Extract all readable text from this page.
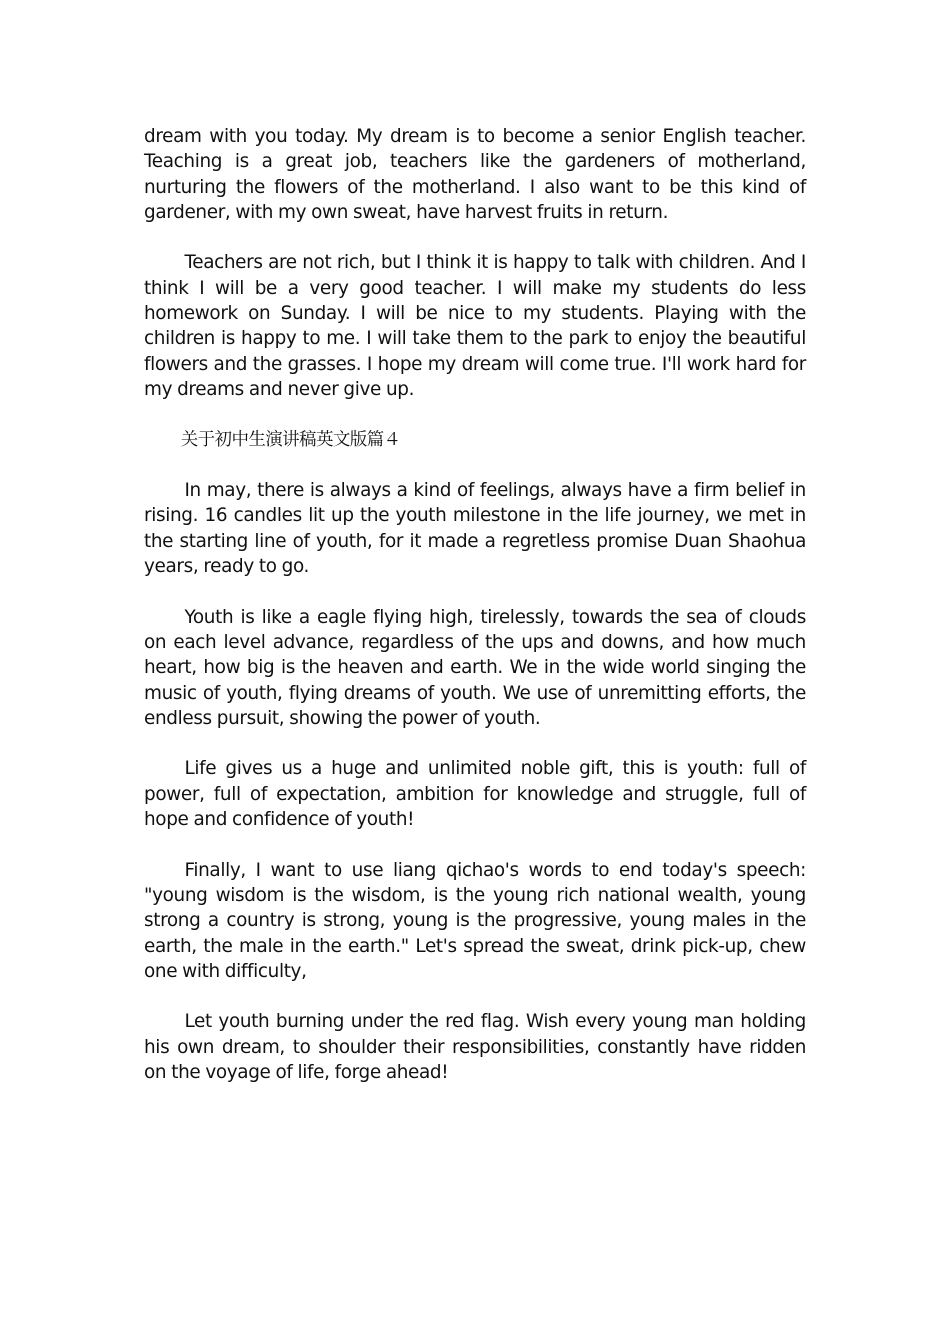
dream with you today. My dream is to become a senior English teacher. Teaching is a great job, teachers like the gardeners of motherland, nurturing the flowers of the motherland. I also want to be this kind of gardener, with my own sweat, have harvest fruits in return.

Teachers are not rich, but I think it is happy to talk with children. And I think I will be a very good teacher. I will make my students do less homework on Sunday. I will be nice to my students. Playing with the children is happy to me. I will take them to the park to enjoy the beautiful flowers and the grasses. I hope my dream will come true. I'll work hard for my dreams and never give up.

关于初中生演讲稿英文版篇４

In may, there is always a kind of feelings, always have a firm belief in rising. 16 candles lit up the youth milestone in the life journey, we met in the starting line of youth, for it made a regretless promise Duan Shaohua years, ready to go.

Youth is like a eagle flying high, tirelessly, towards the sea of clouds on each level advance, regardless of the ups and downs, and how much heart, how big is the heaven and earth. We in the wide world singing the music of youth, flying dreams of youth. We use of unremitting efforts, the endless pursuit, showing the power of youth.

Life gives us a huge and unlimited noble gift, this is youth: full of power, full of expectation, ambition for knowledge and struggle, full of hope and confidence of youth!

Finally, I want to use liang qichao's words to end today's speech: "young wisdom is the wisdom, is the young rich national wealth, young strong a country is strong, young is the progressive, young males in the earth, the male in the earth." Let's spread the sweat, drink pick-up, chew one with difficulty,

Let youth burning under the red flag. Wish every young man holding his own dream, to shoulder their responsibilities, constantly have ridden on the voyage of life, forge ahead!
